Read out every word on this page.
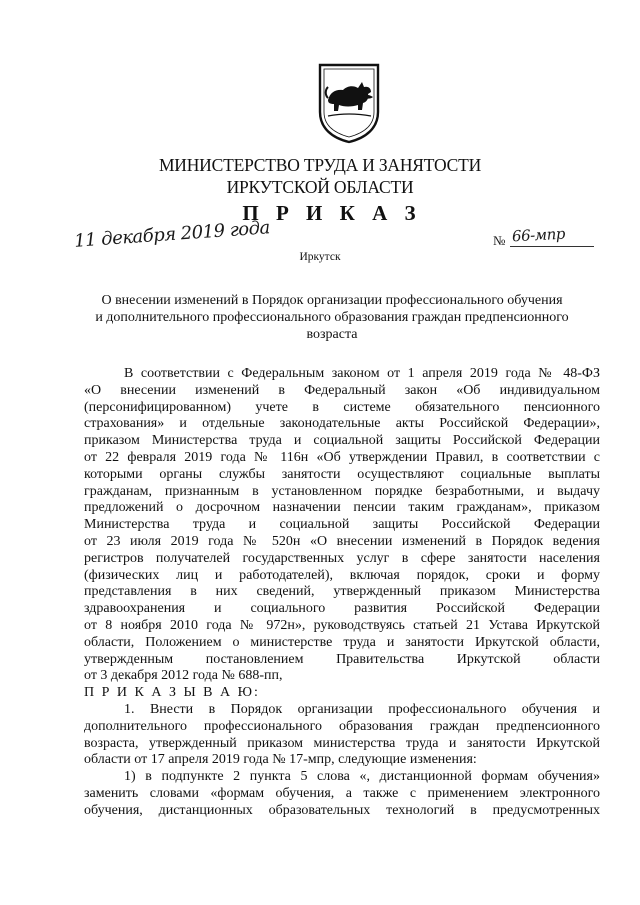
МИНИСТЕРСТВО ТРУДА И ЗАНЯТОСТИ
ИРКУТСКОЙ ОБЛАСТИ
П Р И К А З
11 декабря 2019 года	№ 66-мпр
Иркутск
О внесении изменений в Порядок организации профессионального обучения
и дополнительного профессионального образования граждан предпенсионного
возраста
В соответствии с Федеральным законом от 1 апреля 2019 года № 48-ФЗ
«О внесении изменений в Федеральный закон «Об индивидуальном
(персонифицированном) учете в системе обязательного пенсионного
страхования» и отдельные законодательные акты Российской Федерации»,
приказом Министерства труда и социальной защиты Российской Федерации
от 22 февраля 2019 года № 116н «Об утверждении Правил, в соответствии с
которыми органы службы занятости осуществляют социальные выплаты
гражданам, признанным в установленном порядке безработными, и выдачу
предложений о досрочном назначении пенсии таким гражданам», приказом
Министерства труда и социальной защиты Российской Федерации
от 23 июля 2019 года № 520н «О внесении изменений в Порядок ведения
регистров получателей государственных услуг в сфере занятости населения
(физических лиц и работодателей), включая порядок, сроки и форму
представления в них сведений, утвержденный приказом Министерства
здравоохранения и социального развития Российской Федерации
от 8 ноября 2010 года № 972н», руководствуясь статьей 21 Устава Иркутской
области, Положением о министерстве труда и занятости Иркутской области,
утвержденным постановлением Правительства Иркутской области
от 3 декабря 2012 года № 688-пп,
П Р И К А З Ы В А Ю:
1. Внести в Порядок организации профессионального обучения и
дополнительного профессионального образования граждан предпенсионного
возраста, утвержденный приказом министерства труда и занятости Иркутской
области от 17 апреля 2019 года № 17-мпр, следующие изменения:
1) в подпункте 2 пункта 5 слова «, дистанционной формам обучения»
заменить словами «формам обучения, а также с применением электронного
обучения, дистанционных образовательных технологий в предусмотренных
